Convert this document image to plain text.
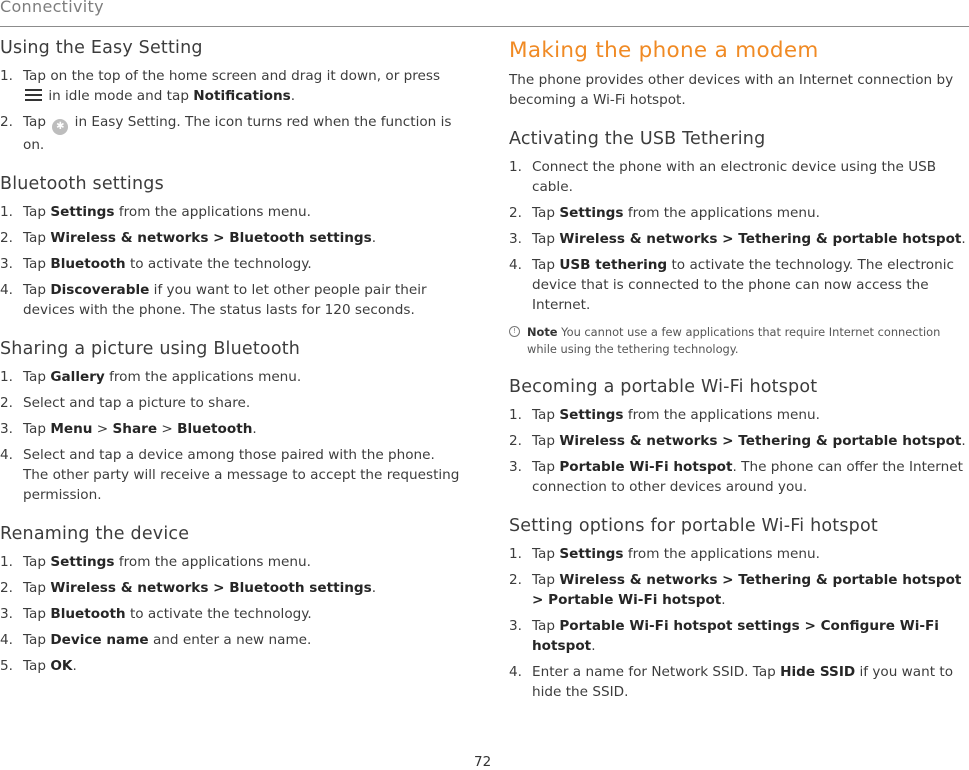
Connectivity
Using the Easy Setting
1. Tap on the top of the home screen and drag it down, or press  in idle mode and tap Notifications.
2. Tap ✱ in Easy Setting. The icon turns red when the function is on.
Bluetooth settings
1. Tap Settings from the applications menu.
2. Tap Wireless & networks > Bluetooth settings.
3. Tap Bluetooth to activate the technology.
4. Tap Discoverable if you want to let other people pair their devices with the phone. The status lasts for 120 seconds.
Sharing a picture using Bluetooth
1. Tap Gallery from the applications menu.
2. Select and tap a picture to share.
3. Tap Menu > Share > Bluetooth.
4. Select and tap a device among those paired with the phone. The other party will receive a message to accept the requesting permission.
Renaming the device
1. Tap Settings from the applications menu.
2. Tap Wireless & networks > Bluetooth settings.
3. Tap Bluetooth to activate the technology.
4. Tap Device name and enter a new name.
5. Tap OK.
Making the phone a modem

The phone provides other devices with an Internet connection by becoming a Wi-Fi hotspot.

Activating the USB Tethering
1. Connect the phone with an electronic device using the USB cable.
2. Tap Settings from the applications menu.
3. Tap Wireless & networks > Tethering & portable hotspot.
4. Tap USB tethering to activate the technology. The electronic device that is connected to the phone can now access the Internet.
! Note You cannot use a few applications that require Internet connection while using the tethering technology.
Becoming a portable Wi-Fi hotspot
1. Tap Settings from the applications menu.
2. Tap Wireless & networks > Tethering & portable hotspot.
3. Tap Portable Wi-Fi hotspot. The phone can offer the Internet connection to other devices around you.
Setting options for portable Wi-Fi hotspot
1. Tap Settings from the applications menu.
2. Tap Wireless & networks > Tethering & portable hotspot > Portable Wi-Fi hotspot.
3. Tap Portable Wi-Fi hotspot settings > Configure Wi-Fi hotspot.
4. Enter a name for Network SSID. Tap Hide SSID if you want to hide the SSID.
72
